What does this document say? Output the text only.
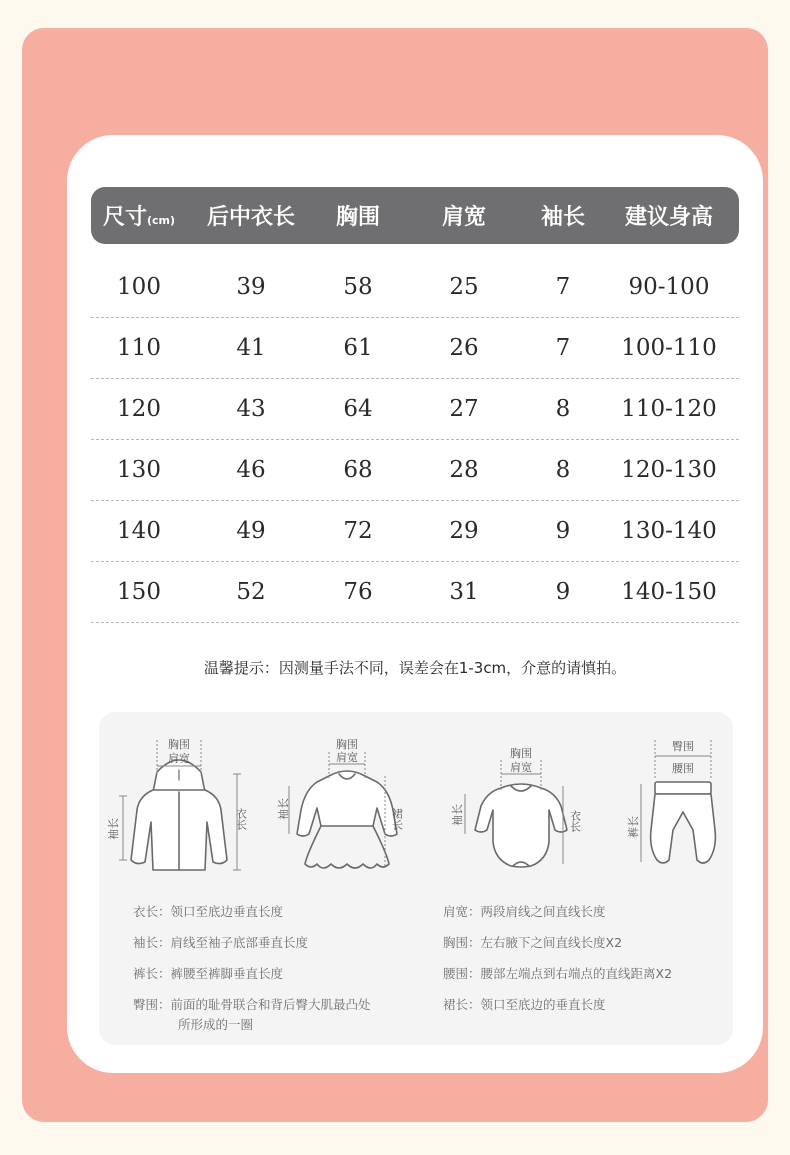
尺寸(cm)	后中衣长	胸围	肩宽	袖长	建议身高
100	39	58	25	7	90-100
110	41	61	26	7	100-110
120	43	64	27	8	110-120
130	46	68	28	8	120-130
140	49	72	29	9	130-140
150	52	76	31	9	140-150
温馨提示：因测量手法不同，误差会在1-3cm，介意的请慎拍。
胸围
肩宽
袖长	衣长
胸围
肩宽
袖长	裙长
胸围
肩宽
袖长	衣长
臀围
腰围
裤长
衣长：领口至底边垂直长度
袖长：肩线至袖子底部垂直长度
裤长：裤腰至裤脚垂直长度
臀围：前面的耻骨联合和背后臀大肌最凸处
所形成的一圈
肩宽：两段肩线之间直线长度
胸围：左右腋下之间直线长度X2
腰围：腰部左端点到右端点的直线距离X2
裙长：领口至底边的垂直长度
